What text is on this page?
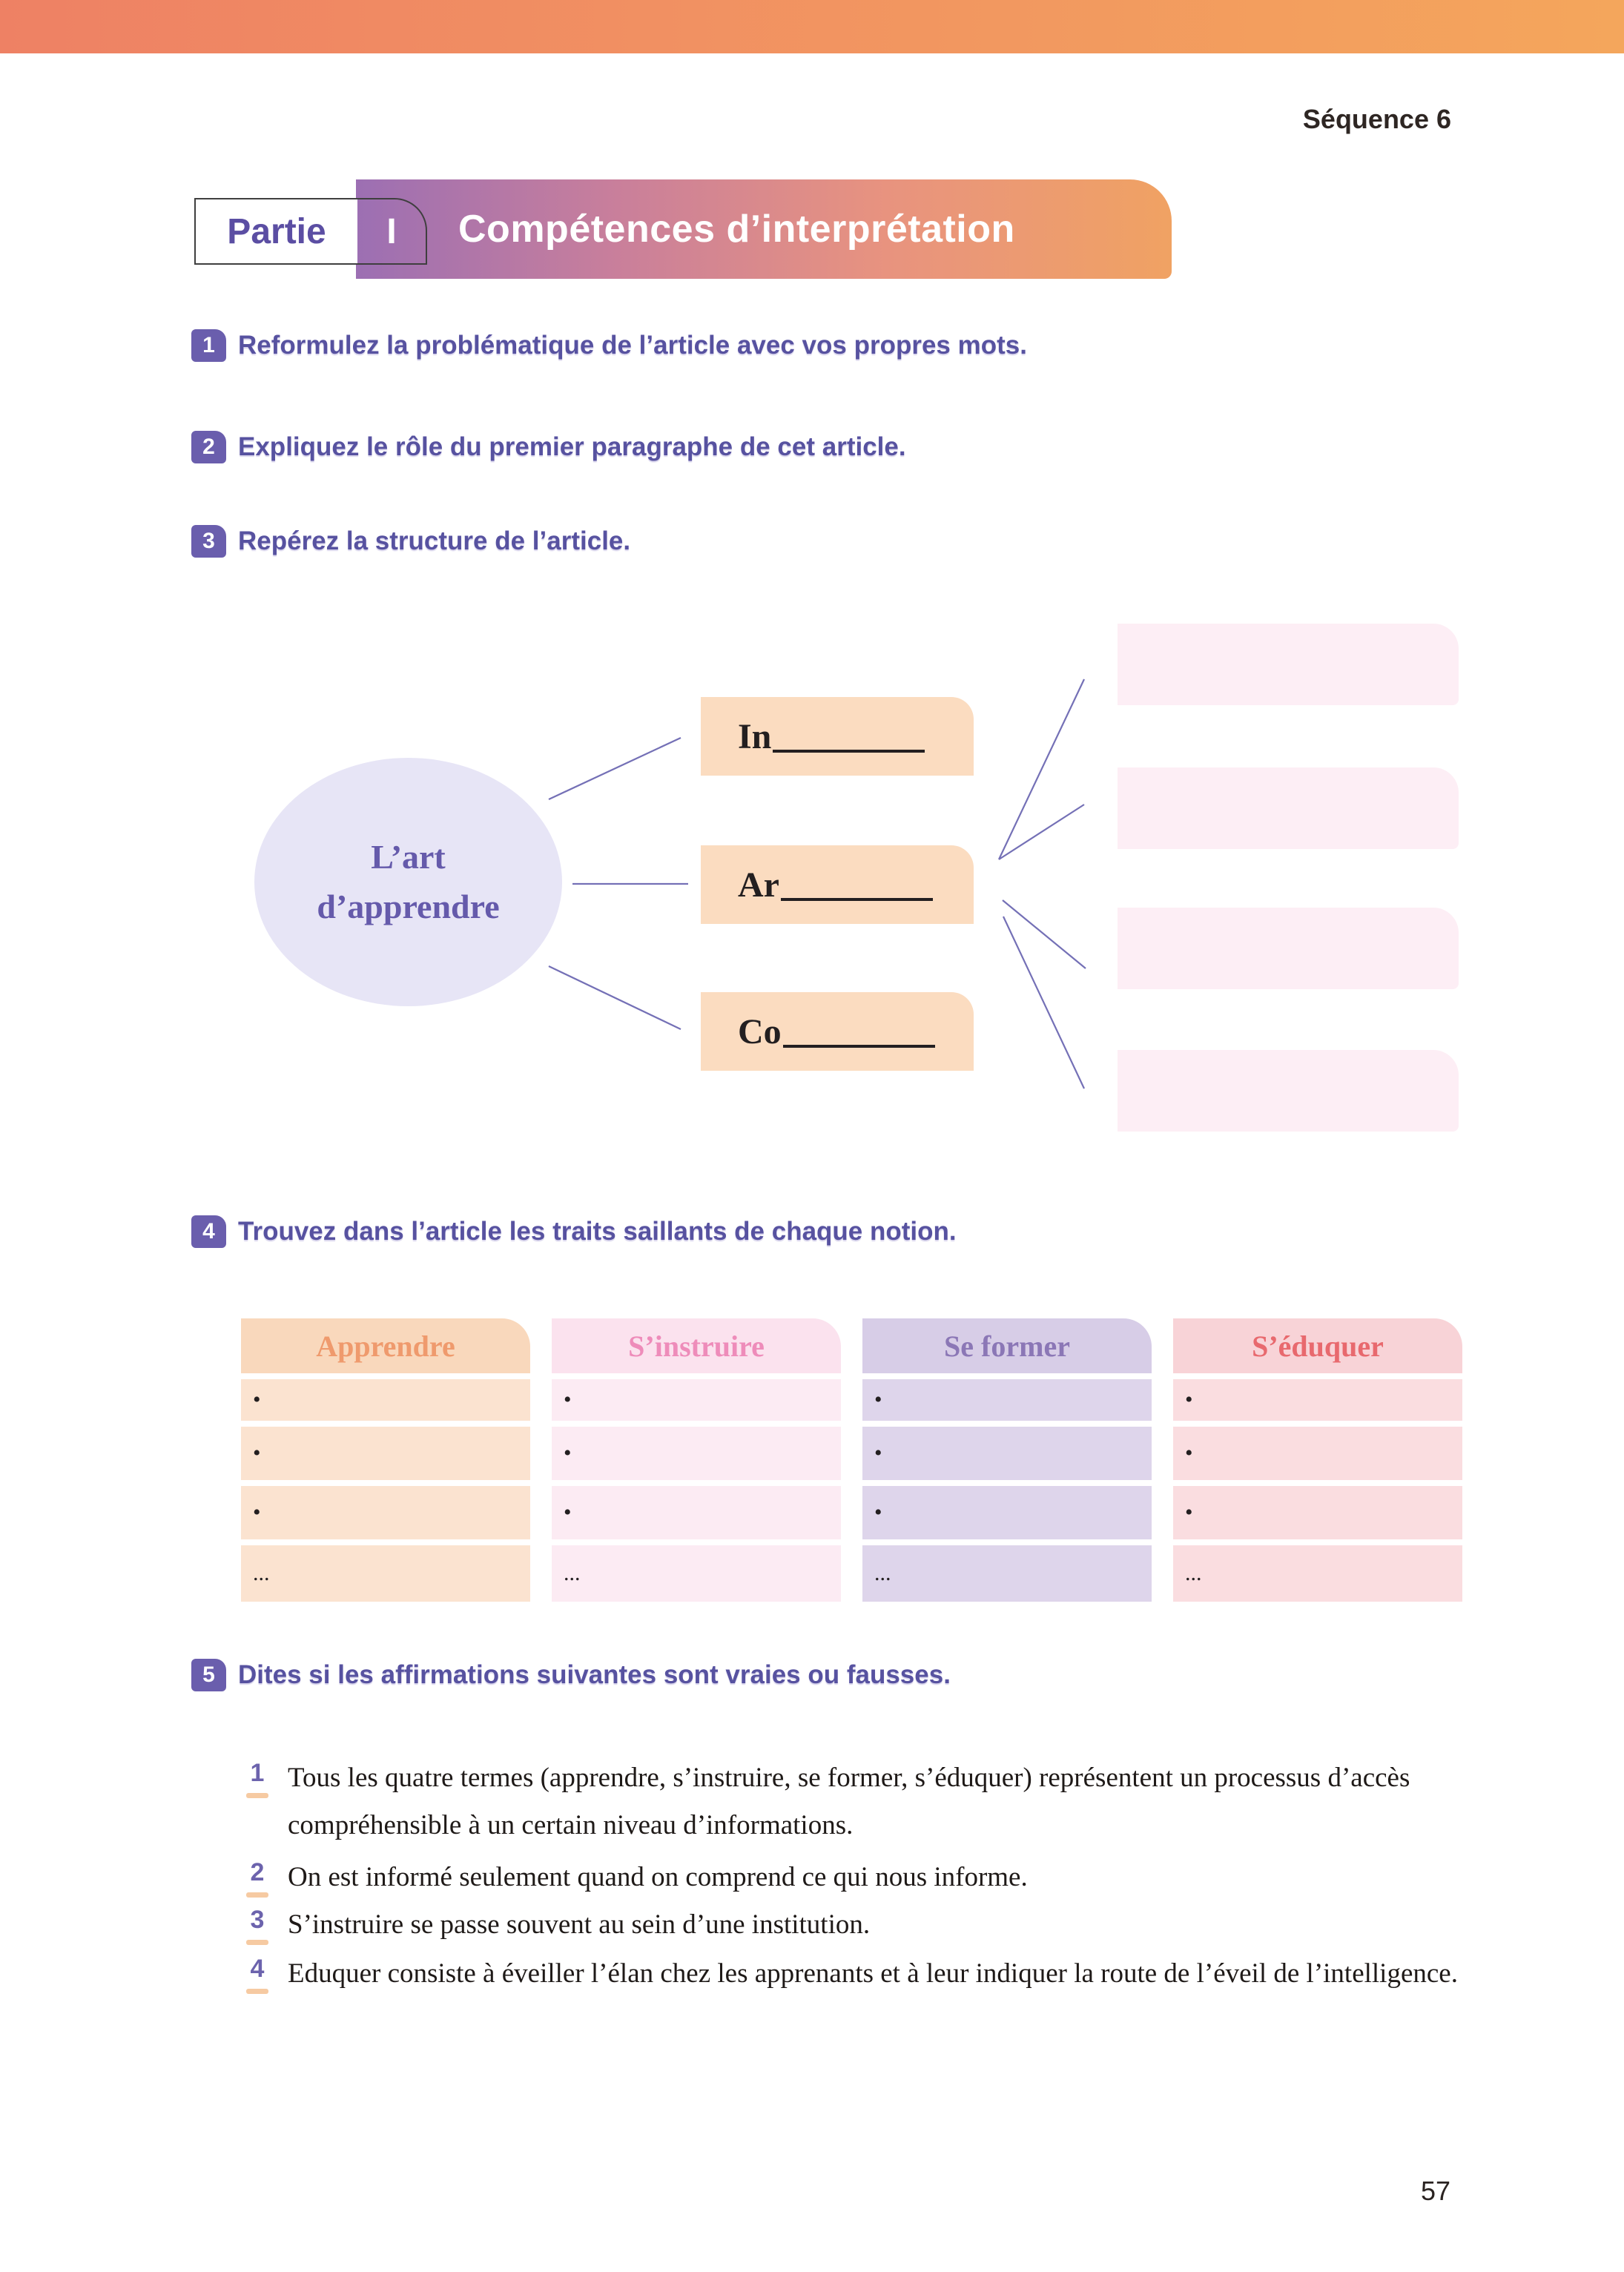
Séquence 6
Compétences d’interprétation
Partie I
1 Reformulez la problématique de l’article avec vos propres mots.
2 Expliquez le rôle du premier paragraphe de cet article.
3 Repérez la structure de l’article.
L’art
d’apprendre
In
Ar
Co
4 Trouvez dans l’article les traits saillants de chaque notion.
Apprendre
•
•
•
...
S’instruire
•
•
•
...
Se former
•
•
•
...
S’éduquer
•
•
•
...
5 Dites si les affirmations suivantes sont vraies ou fausses.
1 Tous les quatre termes (apprendre, s’instruire, se former, s’éduquer) représentent un processus d’accès compréhensible à un certain niveau d’informations.
2 On est informé seulement quand on comprend ce qui nous informe.
3 S’instruire se passe souvent au sein d’une institution.
4 Eduquer consiste à éveiller l’élan chez les apprenants et à leur indiquer la route de l’éveil de l’intelligence.
57
